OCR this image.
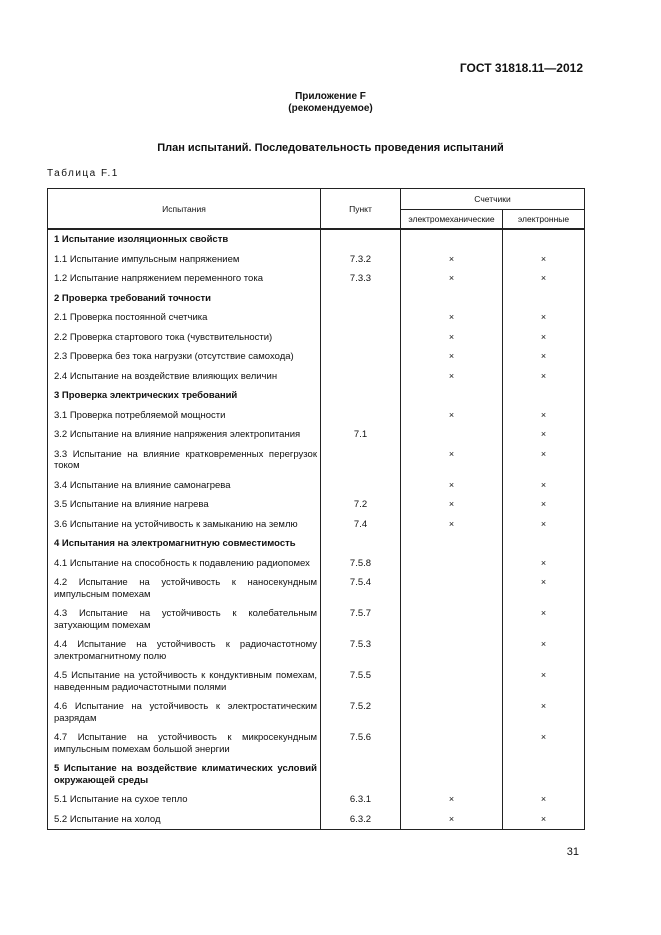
ГОСТ 31818.11—2012
Приложение F
(рекомендуемое)
План испытаний. Последовательность проведения испытаний
Таблица F.1
Испытания	Пункт	Счетчики	
		электромеханические	электронные
1 Испытание изоляционных свойств			
1.1 Испытание импульсным напряжением	7.3.2	×	×
1.2 Испытание напряжением переменного тока	7.3.3	×	×
2 Проверка требований точности			
2.1 Проверка постоянной счетчика		×	×
2.2 Проверка стартового тока (чувствительности)		×	×
2.3 Проверка без тока нагрузки (отсутствие самохода)		×	×
2.4 Испытание на воздействие влияющих величин		×	×
3 Проверка электрических требований			
3.1 Проверка потребляемой мощности		×	×
3.2 Испытание на влияние напряжения электропитания	7.1		×
3.3 Испытание на влияние кратковременных перегрузок током		×	×
3.4 Испытание на влияние самонагрева		×	×
3.5 Испытание на влияние нагрева	7.2	×	×
3.6 Испытание на устойчивость к замыканию на землю	7.4	×	×
4 Испытания на электромагнитную совместимость			
4.1 Испытание на способность к подавлению радиопомех	7.5.8		×
4.2 Испытание на устойчивость к наносекундным импульсным помехам	7.5.4		×
4.3 Испытание на устойчивость к колебательным затухающим помехам	7.5.7		×
4.4 Испытание на устойчивость к радиочастотному электромагнитному полю	7.5.3		×
4.5 Испытание на устойчивость к кондуктивным помехам, наведенным радиочастотными полями	7.5.5		×
4.6 Испытание на устойчивость к электростатическим разрядам	7.5.2		×
4.7 Испытание на устойчивость к микросекундным импульсным помехам большой энергии	7.5.6		×
5 Испытание на воздействие климатических условий окружающей среды			
5.1 Испытание на сухое тепло	6.3.1	×	×
5.2 Испытание на холод	6.3.2	×	×
31
